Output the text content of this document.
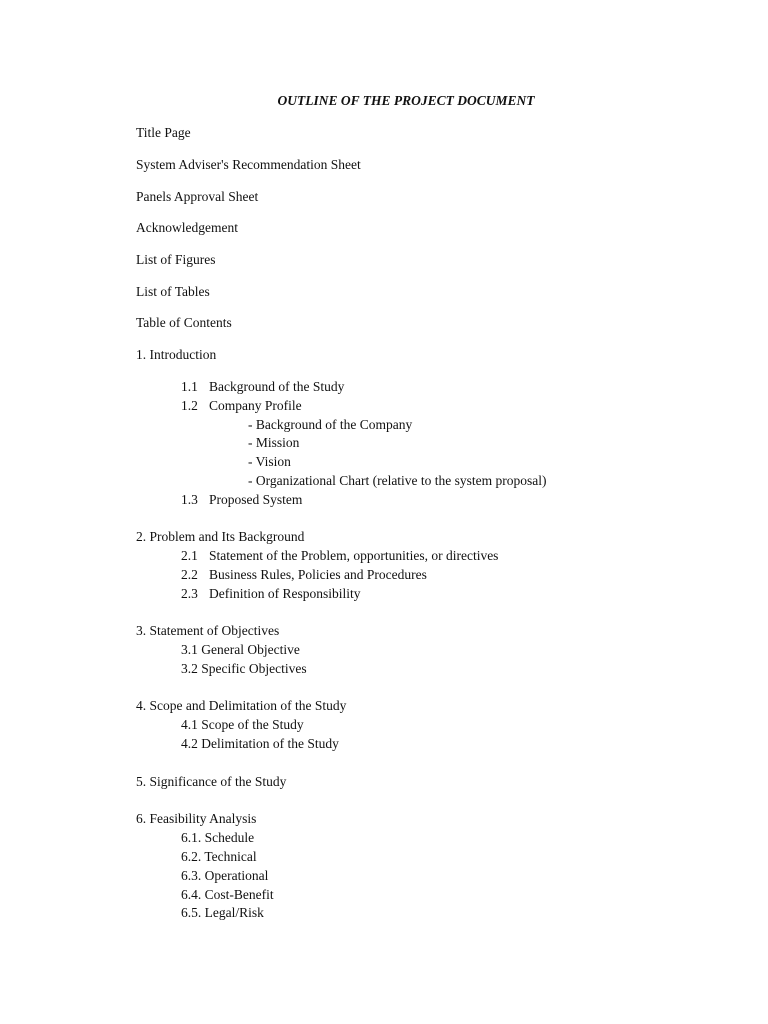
OUTLINE OF THE PROJECT DOCUMENT
Title Page
System Adviser's Recommendation Sheet
Panels Approval Sheet
Acknowledgement
List of Figures
List of Tables
Table of Contents
1. Introduction
1.1 Background of the Study
1.2 Company Profile
- Background of the Company
- Mission
- Vision
- Organizational Chart (relative to the system proposal)
1.3 Proposed System
2. Problem and Its Background
2.1 Statement of the Problem, opportunities, or directives
2.2 Business Rules, Policies and Procedures
2.3 Definition of Responsibility
3. Statement of Objectives
3.1 General Objective
3.2 Specific Objectives
4. Scope and Delimitation of the Study
4.1 Scope of the Study
4.2 Delimitation of the Study
5. Significance of the Study
6. Feasibility Analysis
6.1. Schedule
6.2. Technical
6.3. Operational
6.4. Cost-Benefit
6.5. Legal/Risk
